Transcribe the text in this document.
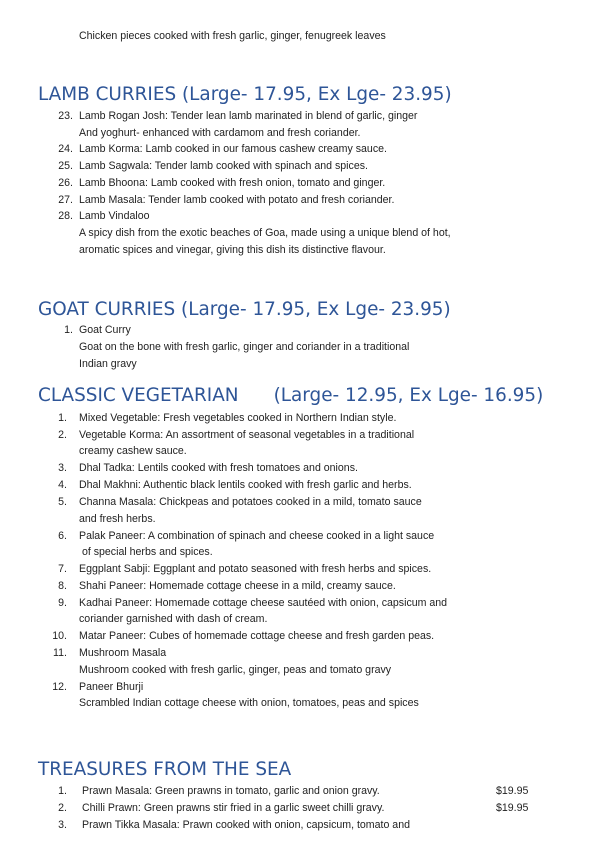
Chicken pieces cooked with fresh garlic, ginger, fenugreek leaves
LAMB CURRIES (Large- 17.95, Ex Lge- 23.95)
23. Lamb Rogan Josh: Tender lean lamb marinated in blend of garlic, ginger
And yoghurt- enhanced with cardamom and fresh coriander.
24. Lamb Korma: Lamb cooked in our famous cashew creamy sauce.
25. Lamb Sagwala: Tender lamb cooked with spinach and spices.
26. Lamb Bhoona: Lamb cooked with fresh onion, tomato and ginger.
27. Lamb Masala: Tender lamb cooked with potato and fresh coriander.
28. Lamb Vindaloo
A spicy dish from the exotic beaches of Goa, made using a unique blend of hot,
aromatic spices and vinegar, giving this dish its distinctive flavour.
GOAT CURRIES (Large- 17.95, Ex Lge- 23.95)
1. Goat Curry
Goat on the bone with fresh garlic, ginger and coriander in a traditional
Indian gravy
CLASSIC VEGETARIAN      (Large- 12.95, Ex Lge- 16.95)
1. Mixed Vegetable: Fresh vegetables cooked in Northern Indian style.
2. Vegetable Korma: An assortment of seasonal vegetables in a traditional
creamy cashew sauce.
3. Dhal Tadka: Lentils cooked with fresh tomatoes and onions.
4. Dhal Makhni: Authentic black lentils cooked with fresh garlic and herbs.
5. Channa Masala: Chickpeas and potatoes cooked in a mild, tomato sauce
and fresh herbs.
6. Palak Paneer: A combination of spinach and cheese cooked in a light sauce
of special herbs and spices.
7. Eggplant Sabji: Eggplant and potato seasoned with fresh herbs and spices.
8. Shahi Paneer: Homemade cottage cheese in a mild, creamy sauce.
9. Kadhai Paneer: Homemade cottage cheese sautéed with onion, capsicum and
coriander garnished with dash of cream.
10. Matar Paneer: Cubes of homemade cottage cheese and fresh garden peas.
11. Mushroom Masala
Mushroom cooked with fresh garlic, ginger, peas and tomato gravy
12. Paneer Bhurji
Scrambled Indian cottage cheese with onion, tomatoes, peas and spices
TREASURES FROM THE SEA
1. Prawn Masala: Green prawns in tomato, garlic and onion gravy.	$19.95
2. Chilli Prawn: Green prawns stir fried in a garlic sweet chilli gravy.	$19.95
3. Prawn Tikka Masala: Prawn cooked with onion, capsicum, tomato and
